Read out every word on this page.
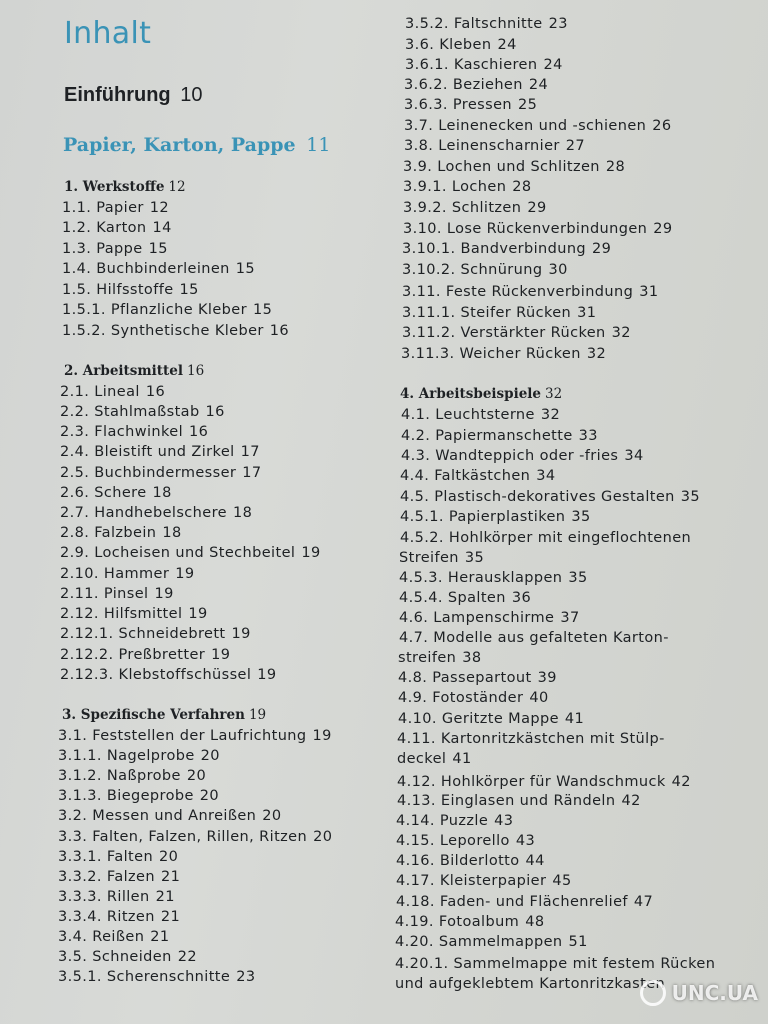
Inhalt
Einführung 10
Papier, Karton, Pappe 11
1. Werkstoffe 12
2. Arbeitsmittel 16
3. Spezifische Verfahren 19
4. Arbeitsbeispiele 32
1.1. Papier 12
1.2. Karton 14
1.3. Pappe 15
1.4. Buchbinderleinen 15
1.5. Hilfsstoffe 15
1.5.1. Pflanzliche Kleber 15
1.5.2. Synthetische Kleber 16
2.1. Lineal 16
2.2. Stahlmaßstab 16
2.3. Flachwinkel 16
2.4. Bleistift und Zirkel 17
2.5. Buchbindermesser 17
2.6. Schere 18
2.7. Handhebelschere 18
2.8. Falzbein 18
2.9. Locheisen und Stechbeitel 19
2.10. Hammer 19
2.11. Pinsel 19
2.12. Hilfsmittel 19
2.12.1. Schneidebrett 19
2.12.2. Preßbretter 19
2.12.3. Klebstoffschüssel 19
3.1. Feststellen der Laufrichtung 19
3.1.1. Nagelprobe 20
3.1.2. Naßprobe 20
3.1.3. Biegeprobe 20
3.2. Messen und Anreißen 20
3.3. Falten, Falzen, Rillen, Ritzen 20
3.3.1. Falten 20
3.3.2. Falzen 21
3.3.3. Rillen 21
3.3.4. Ritzen 21
3.4. Reißen 21
3.5. Schneiden 22
3.5.1. Scherenschnitte 23
3.5.2. Faltschnitte 23
3.6. Kleben 24
3.6.1. Kaschieren 24
3.6.2. Beziehen 24
3.6.3. Pressen 25
3.7. Leinenecken und -schienen 26
3.8. Leinenscharnier 27
3.9. Lochen und Schlitzen 28
3.9.1. Lochen 28
3.9.2. Schlitzen 29
3.10. Lose Rückenverbindungen 29
3.10.1. Bandverbindung 29
3.10.2. Schnürung 30
3.11. Feste Rückenverbindung 31
3.11.1. Steifer Rücken 31
3.11.2. Verstärkter Rücken 32
3.11.3. Weicher Rücken 32
4.1. Leuchtsterne 32
4.2. Papiermanschette 33
4.3. Wandteppich oder -fries 34
4.4. Faltkästchen 34
4.5. Plastisch-dekoratives Gestalten 35
4.5.1. Papierplastiken 35
4.5.2. Hohlkörper mit eingeflochtenen
Streifen 35
4.5.3. Herausklappen 35
4.5.4. Spalten 36
4.6. Lampenschirme 37
4.7. Modelle aus gefalteten Karton-
streifen 38
4.8. Passepartout 39
4.9. Fotoständer 40
4.10. Geritzte Mappe 41
4.11. Kartonritzkästchen mit Stülp-
deckel 41
4.12. Hohlkörper für Wandschmuck 42
4.13. Einglasen und Rändeln 42
4.14. Puzzle 43
4.15. Leporello 43
4.16. Bilderlotto 44
4.17. Kleisterpapier 45
4.18. Faden- und Flächenrelief 47
4.19. Fotoalbum 48
4.20. Sammelmappen 51
4.20.1. Sammelmappe mit festem Rücken
und aufgeklebtem Kartonritzkasten UNC.UA
